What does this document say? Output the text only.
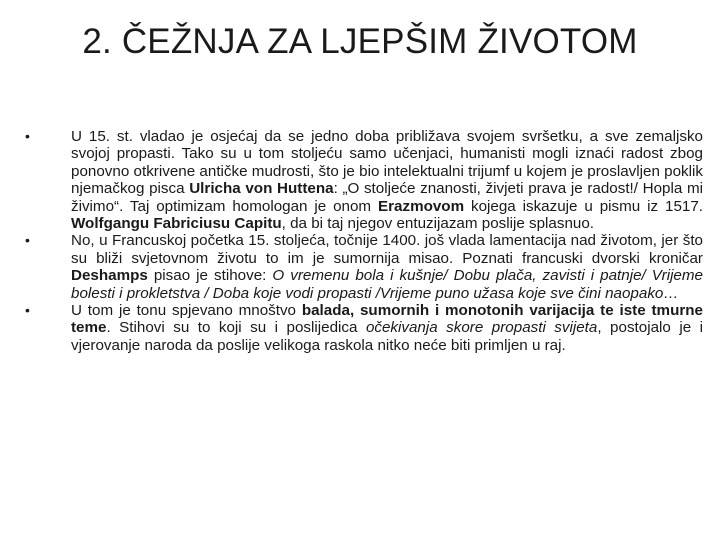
2. ČEŽNJA ZA LJEPŠIM ŽIVOTOM
•	U 15. st. vladao je osjećaj da se jedno doba približava svojem svršetku, a sve zemaljsko svojoj propasti. Tako su u tom stoljeću samo učenjaci, humanisti mogli iznaći radost zbog ponovno otkrivene antičke mudrosti, što je bio intelektualni trijumf u kojem je proslavljen poklik njemačkog pisca Ulricha von Huttena: „O stoljeće znanosti, živjeti prava je radost!/ Hopla mi živimo“. Taj optimizam homologan je onom Erazmovom kojega iskazuje u pismu iz 1517. Wolfgangu Fabriciusu Capitu, da bi taj njegov entuzijazam poslije splasnuo.
•	No, u Francuskoj početka 15. stoljeća, točnije 1400. još vlada lamentacija nad životom, jer što su bliži svjetovnom životu to im je sumornija misao. Poznati francuski dvorski kroničar Deshamps pisao je stihove: O vremenu bola i kušnje/ Dobu plača, zavisti i patnje/ Vrijeme bolesti i prokletstva / Doba koje vodi propasti /Vrijeme puno užasa koje sve čini naopako…
•	U tom je tonu spjevano mnoštvo balada, sumornih i monotonih varijacija te iste tmurne teme. Stihovi su to koji su i poslijedica očekivanja skore propasti svijeta, postojalo je i vjerovanje naroda da poslije velikoga raskola nitko neće biti primljen u raj.
